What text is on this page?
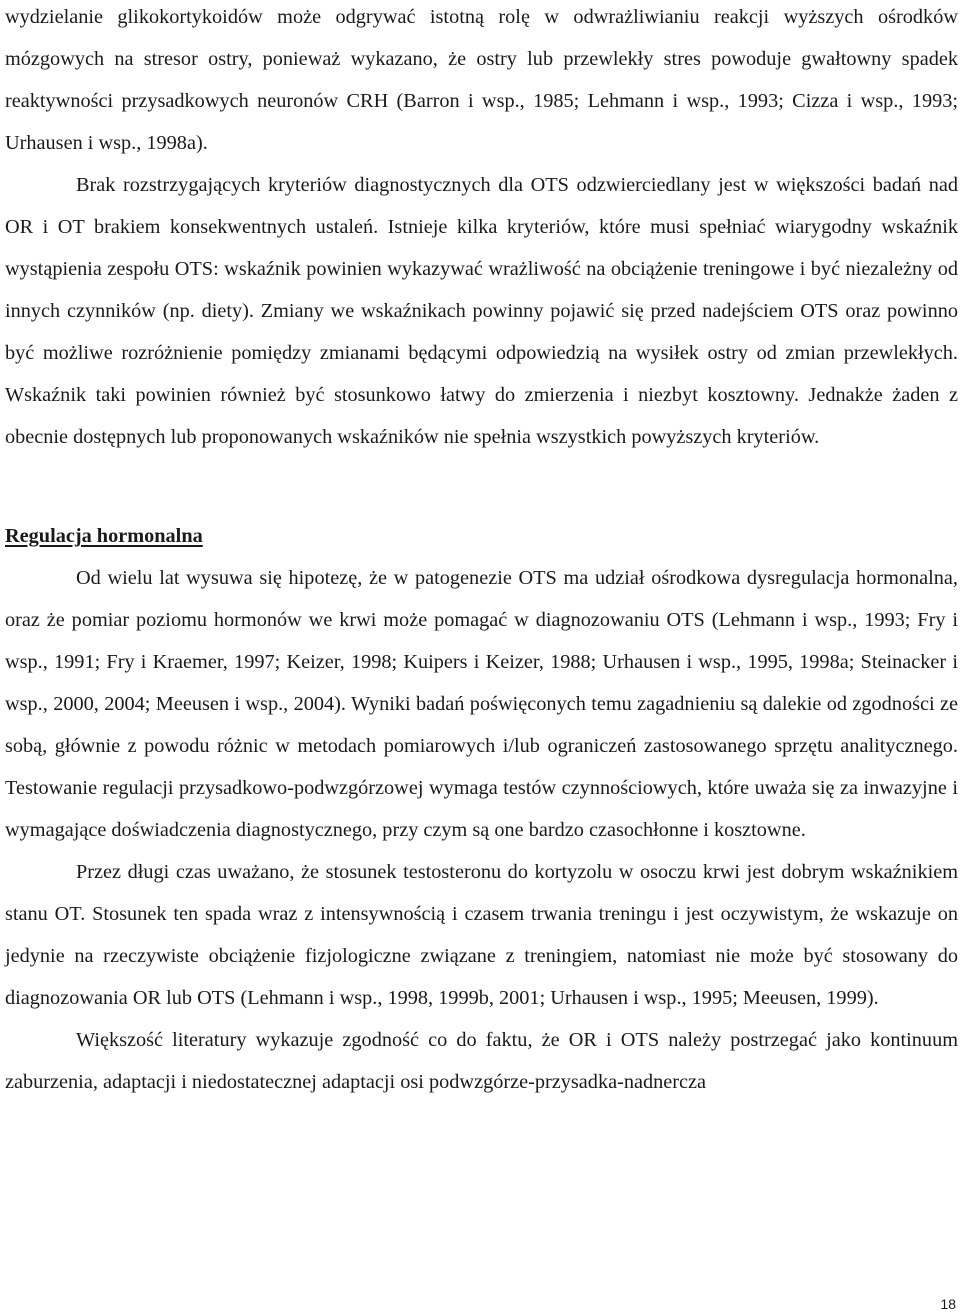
wydzielanie glikokortykoidów może odgrywać istotną rolę w odwrażliwianiu reakcji wyższych ośrodków mózgowych na stresor ostry, ponieważ wykazano, że ostry lub przewlekły stres powoduje gwałtowny spadek reaktywności przysadkowych neuronów CRH (Barron i wsp., 1985; Lehmann i wsp., 1993; Cizza i wsp., 1993; Urhausen i wsp., 1998a).

Brak rozstrzygających kryteriów diagnostycznych dla OTS odzwierciedlany jest w większości badań nad OR i OT brakiem konsekwentnych ustaleń. Istnieje kilka kryteriów, które musi spełniać wiarygodny wskaźnik wystąpienia zespołu OTS: wskaźnik powinien wykazywać wrażliwość na obciążenie treningowe i być niezależny od innych czynników (np. diety). Zmiany we wskaźnikach powinny pojawić się przed nadejściem OTS oraz powinno być możliwe rozróżnienie pomiędzy zmianami będącymi odpowiedzią na wysiłek ostry od zmian przewlekłych. Wskaźnik taki powinien również być stosunkowo łatwy do zmierzenia i niezbyt kosztowny. Jednakże żaden z obecnie dostępnych lub proponowanych wskaźników nie spełnia wszystkich powyższych kryteriów.

Regulacja hormonalna

Od wielu lat wysuwa się hipotezę, że w patogenezie OTS ma udział ośrodkowa dysregulacja hormonalna, oraz że pomiar poziomu hormonów we krwi może pomagać w diagnozowaniu OTS (Lehmann i wsp., 1993; Fry i wsp., 1991; Fry i Kraemer, 1997; Keizer, 1998; Kuipers i Keizer, 1988; Urhausen i wsp., 1995, 1998a; Steinacker i wsp., 2000, 2004; Meeusen i wsp., 2004). Wyniki badań poświęconych temu zagadnieniu są dalekie od zgodności ze sobą, głównie z powodu różnic w metodach pomiarowych i/lub ograniczeń zastosowanego sprzętu analitycznego. Testowanie regulacji przysadkowo-podwzgórzowej wymaga testów czynnościowych, które uważa się za inwazyjne i wymagające doświadczenia diagnostycznego, przy czym są one bardzo czasochłonne i kosztowne.

Przez długi czas uważano, że stosunek testosteronu do kortyzolu w osoczu krwi jest dobrym wskaźnikiem stanu OT. Stosunek ten spada wraz z intensywnością i czasem trwania treningu i jest oczywistym, że wskazuje on jedynie na rzeczywiste obciążenie fizjologiczne związane z treningiem, natomiast nie może być stosowany do diagnozowania OR lub OTS (Lehmann i wsp., 1998, 1999b, 2001; Urhausen i wsp., 1995; Meeusen, 1999).

Większość literatury wykazuje zgodność co do faktu, że OR i OTS należy postrzegać jako kontinuum zaburzenia, adaptacji i niedostatecznej adaptacji osi podwzgórze-przysadka-nadnercza

18
